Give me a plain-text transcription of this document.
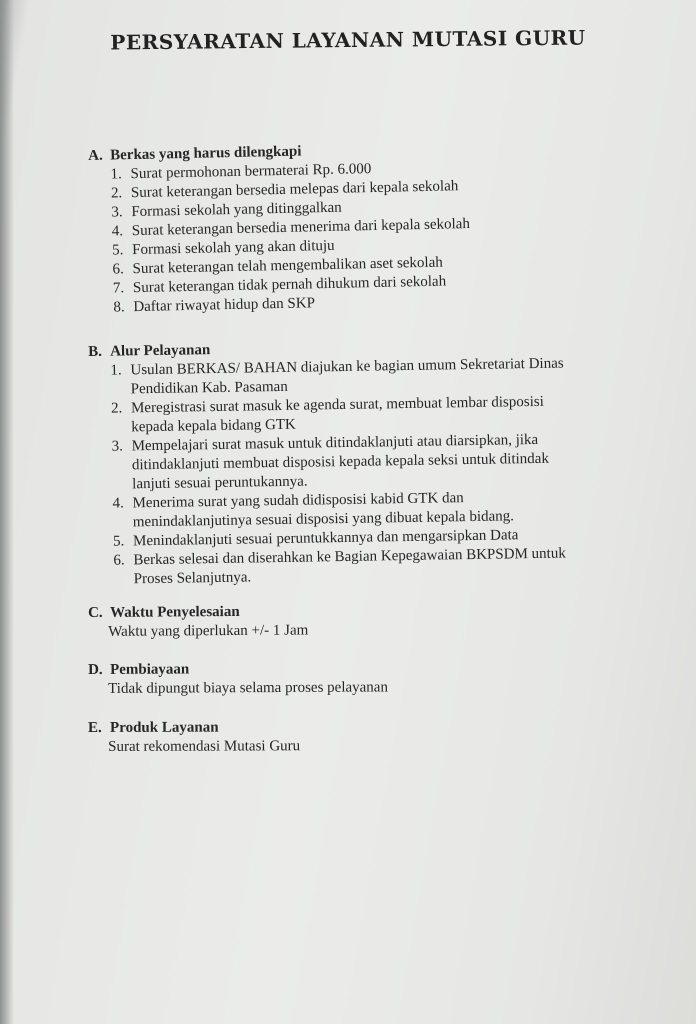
PERSYARATAN LAYANAN MUTASI GURU
A. Berkas yang harus dilengkapi
1. Surat permohonan bermaterai Rp. 6.000
2. Surat keterangan bersedia melepas dari kepala sekolah
3. Formasi sekolah yang ditinggalkan
4. Surat keterangan bersedia menerima dari kepala sekolah
5. Formasi sekolah yang akan dituju
6. Surat keterangan telah mengembalikan aset sekolah
7. Surat keterangan tidak pernah dihukum dari sekolah
8. Daftar riwayat hidup dan SKP
B. Alur Pelayanan
1. Usulan BERKAS/ BAHAN diajukan ke bagian umum Sekretariat Dinas
Pendidikan Kab. Pasaman
2. Meregistrasi surat masuk ke agenda surat, membuat lembar disposisi
kepada kepala bidang GTK
3. Mempelajari surat masuk untuk ditindaklanjuti atau diarsipkan, jika
ditindaklanjuti membuat disposisi kepada kepala seksi untuk ditindak
lanjuti sesuai peruntukannya.
4. Menerima surat yang sudah didisposisi kabid GTK dan
menindaklanjutinya sesuai disposisi yang dibuat kepala bidang.
5. Menindaklanjuti sesuai peruntukkannya dan mengarsipkan Data
6. Berkas selesai dan diserahkan ke Bagian Kepegawaian BKPSDM untuk
Proses Selanjutnya.
C. Waktu Penyelesaian
Waktu yang diperlukan +/- 1 Jam
D. Pembiayaan
Tidak dipungut biaya selama proses pelayanan
E. Produk Layanan
Surat rekomendasi Mutasi Guru
